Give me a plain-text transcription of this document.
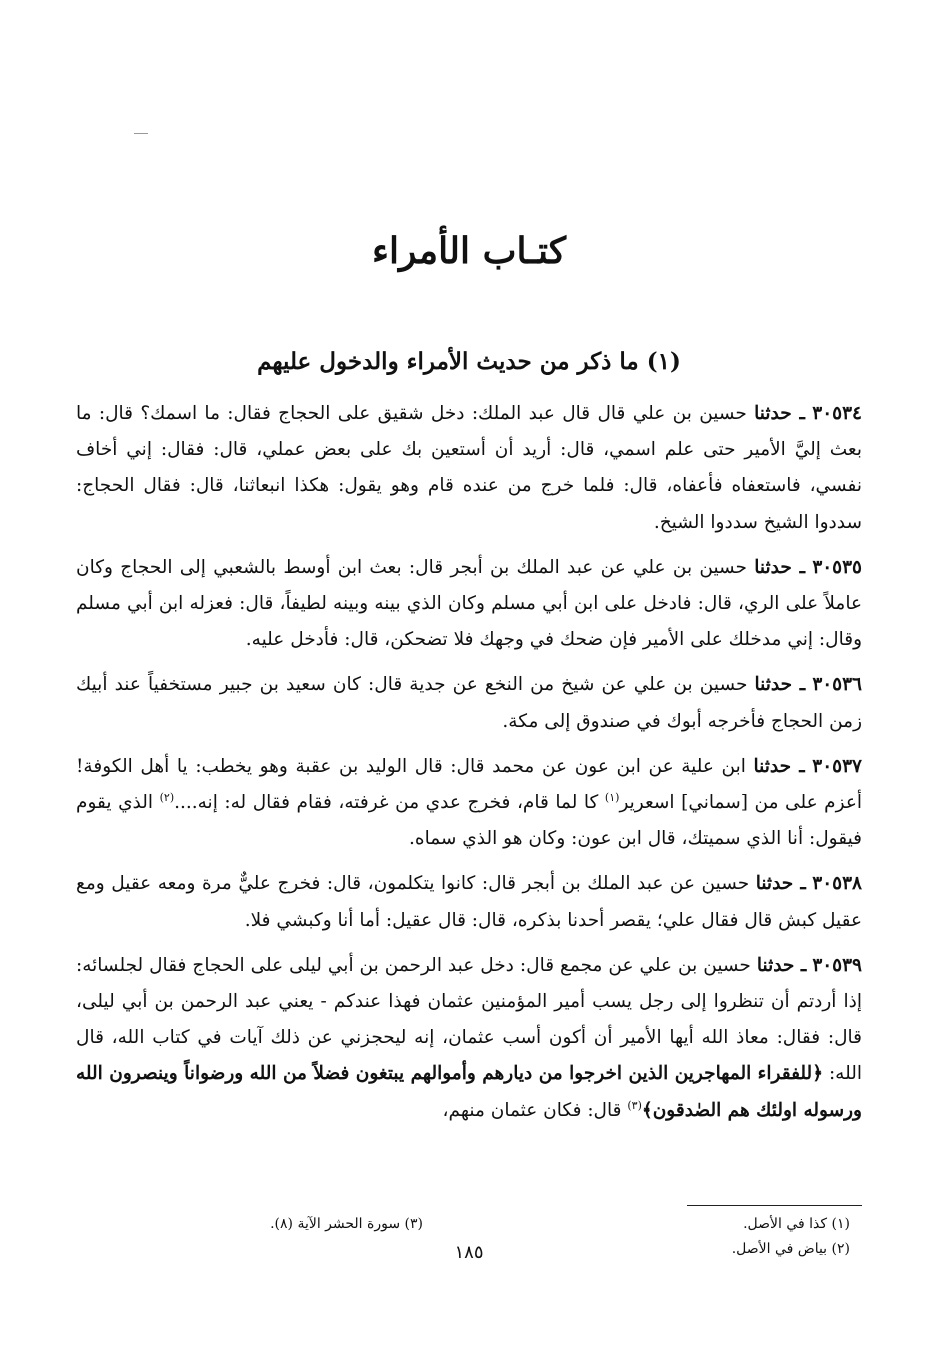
كتـاب الأمراء
(١) ما ذكر من حديث الأمراء والدخول عليهم

٣٠٥٣٤ ـ حدثنا حسين بن علي قال قال عبد الملك: دخل شقيق على الحجاج فقال: ما اسمك؟ قال: ما بعث إليَّ الأمير حتى علم اسمي، قال: أريد أن أستعين بك على بعض عملي، قال: فقال: إني أخاف نفسي، فاستعفاه فأعفاه، قال: فلما خرج من عنده قام وهو يقول: هكذا انبعاثنا، قال: فقال الحجاج: سددوا الشيخ سددوا الشيخ.

٣٠٥٣٥ ـ حدثنا حسين بن علي عن عبد الملك بن أبجر قال: بعث ابن أوسط بالشعبي إلى الحجاج وكان عاملاً على الري، قال: فادخل على ابن أبي مسلم وكان الذي بينه وبينه لطيفاً، قال: فعزله ابن أبي مسلم وقال: إني مدخلك على الأمير فإن ضحك في وجهك فلا تضحكن، قال: فأدخل عليه.

٣٠٥٣٦ ـ حدثنا حسين بن علي عن شيخ من النخع عن جدية قال: كان سعيد بن جبير مستخفياً عند أبيك زمن الحجاج فأخرجه أبوك في صندوق إلى مكة.

٣٠٥٣٧ ـ حدثنا ابن علية عن ابن عون عن محمد قال: قال الوليد بن عقبة وهو يخطب: يا أهل الكوفة! أعزم على من [سماني] اسعرير$^{(١)}$ كا لما قام، فخرج عدي من غرفته، فقام فقال له: إنه....$^{(٢)}$ الذي يقوم فيقول: أنا الذي سميتك، قال ابن عون: وكان هو الذي سماه.

٣٠٥٣٨ ـ حدثنا حسين عن عبد الملك بن أبجر قال: كانوا يتكلمون، قال: فخرج عليٌّ مرة ومعه عقيل ومع عقيل كبش قال فقال علي؛ يقصر أحدنا بذكره، قال: قال عقيل: أما أنا وكبشي فلا.

٣٠٥٣٩ ـ حدثنا حسين بن علي عن مجمع قال: دخل عبد الرحمن بن أبي ليلى على الحجاج فقال لجلسائه: إذا أردتم أن تنظروا إلى رجل يسب أمير المؤمنين عثمان فهذا عندكم - يعني عبد الرحمن بن أبي ليلى، قال: فقال: معاذ الله أيها الأمير أن أكون أسب عثمان، إنه ليحجزني عن ذلك آيات في كتاب الله، قال الله: ﴿للفقراء المهاجرين الذين اخرجوا من ديارهم وأموالهم يبتغون فضلاً من الله ورضواناً وينصرون الله ورسوله اولئك هم الصٰدقون﴾$^{(٣)}$ قال: فكان عثمان منهم،

(١) كذا في الأصل.
(٢) بياض في الأصل.
(٣) سورة الحشر الآية (٨).
١٨٥
